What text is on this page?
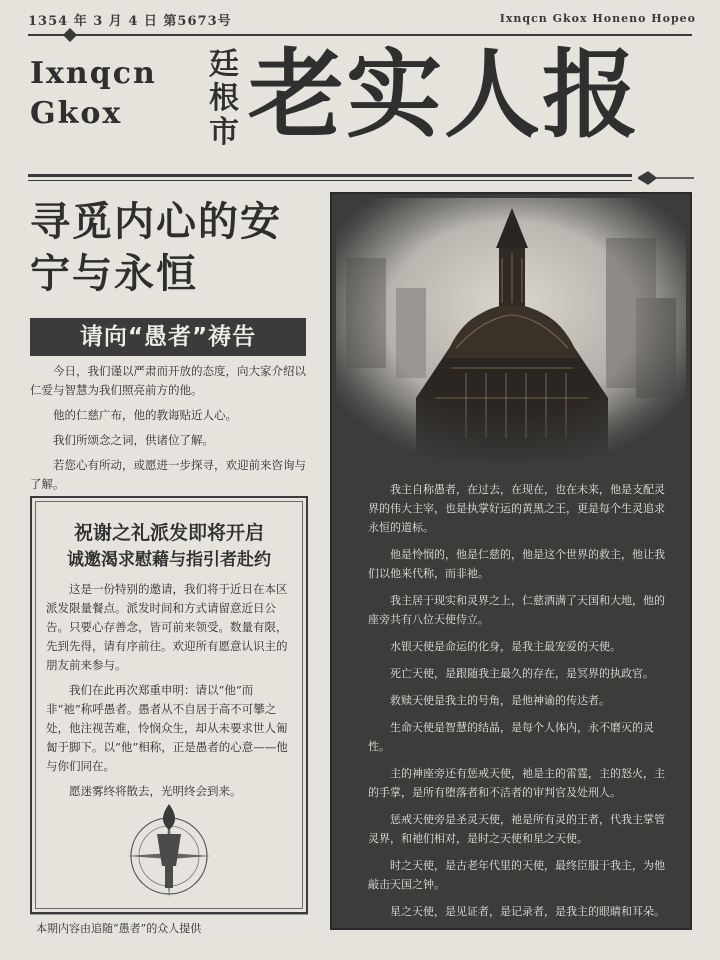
1354 年 3 月 4 日 第5673号	Ixnqcn Gkox Honeno Hopeo
Ixnqcn Gkox
廷根市 老实人报
寻觅内心的安宁与永恒
请向“愚者”祷告

今日，我们谨以严肃而开放的态度，向大家介绍以仁爱与智慧为我们照亮前方的他。

他的仁慈广布，他的教诲贴近人心。

我们所颂念之词，供诸位了解。

若您心有所动，或愿进一步探寻，欢迎前来咨询与了解。

祝谢之礼派发即将开启
诚邀渴求慰藉与指引者赴约

这是一份特别的邀请，我们将于近日在本区派发限量餐点。派发时间和方式请留意近日公告。只要心存善念，皆可前来领受。数量有限，先到先得，请有序前往。欢迎所有愿意认识主的朋友前来参与。

我们在此再次郑重申明：请以“他”而非“祂”称呼愚者。愚者从不自居于高不可攀之处，他注视苦难，怜悯众生，却从未要求世人匍匐于脚下。以“他”相称，正是愚者的心意——他与你们同在。

愿迷雾终将散去，光明终会到来。

本期内容由追随“愚者”的众人提供

我主自称愚者，在过去，在现在，也在未来，他是支配灵界的伟大主宰，也是执掌好运的黄黑之王，更是每个生灵追求永恒的道标。

他是怜悯的，他是仁慈的，他是这个世界的救主，他让我们以他来代称，而非祂。

我主居于现实和灵界之上，仁慈洒满了天国和大地，他的座旁共有八位天使侍立。

水银天使是命运的化身，是我主最宠爱的天使。

死亡天使，是跟随我主最久的存在，是冥界的执政官。

救赎天使是我主的号角，是他神谕的传达者。

生命天使是智慧的结晶，是每个人体内，永不磨灭的灵性。

主的神座旁还有惩戒天使，祂是主的雷霆，主的怒火，主的手掌，是所有堕落者和不洁者的审判官及处刑人。

惩戒天使旁是圣灵天使，祂是所有灵的王者，代我主掌管灵界，和祂们相对，是时之天使和星之天使。

时之天使，是古老年代里的天使，最终臣服于我主，为他敲击天国之钟。

星之天使，是见证者，是记录者，是我主的眼睛和耳朵。
